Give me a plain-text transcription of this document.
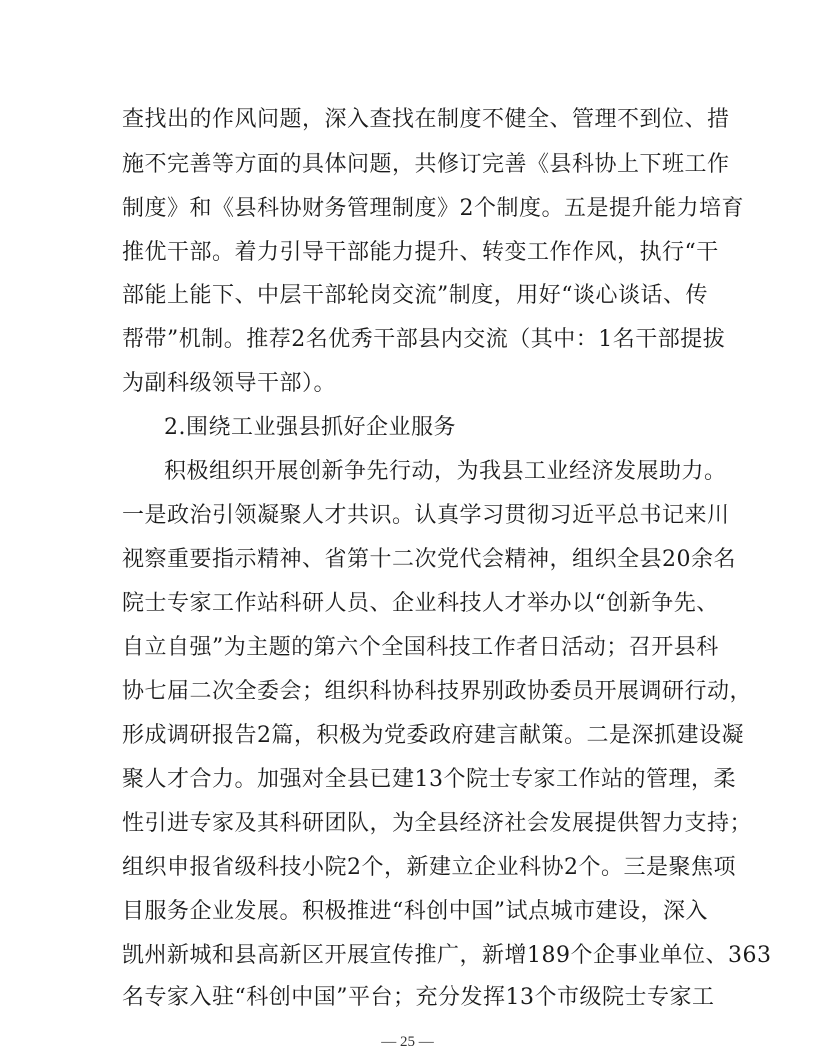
查找出的作风问题，深入查找在制度不健全、管理不到位、措
施不完善等方面的具体问题，共修订完善《县科协上下班工作
制度》和《县科协财务管理制度》2个制度。五是提升能力培育
推优干部。着力引导干部能力提升、转变工作作风，执行“干
部能上能下、中层干部轮岗交流”制度，用好“谈心谈话、传
帮带”机制。推荐2名优秀干部县内交流（其中：1名干部提拔
为副科级领导干部）。
2.围绕工业强县抓好企业服务
积极组织开展创新争先行动，为我县工业经济发展助力。
一是政治引领凝聚人才共识。认真学习贯彻习近平总书记来川
视察重要指示精神、省第十二次党代会精神，组织全县20余名
院士专家工作站科研人员、企业科技人才举办以“创新争先、
自立自强”为主题的第六个全国科技工作者日活动；召开县科
协七届二次全委会；组织科协科技界别政协委员开展调研行动，
形成调研报告2篇，积极为党委政府建言献策。二是深抓建设凝
聚人才合力。加强对全县已建13个院士专家工作站的管理，柔
性引进专家及其科研团队，为全县经济社会发展提供智力支持；
组织申报省级科技小院2个，新建立企业科协2个。三是聚焦项
目服务企业发展。积极推进“科创中国”试点城市建设，深入
凯州新城和县高新区开展宣传推广，新增189个企事业单位、363
名专家入驻“科创中国”平台；充分发挥13个市级院士专家工
— 25 —
